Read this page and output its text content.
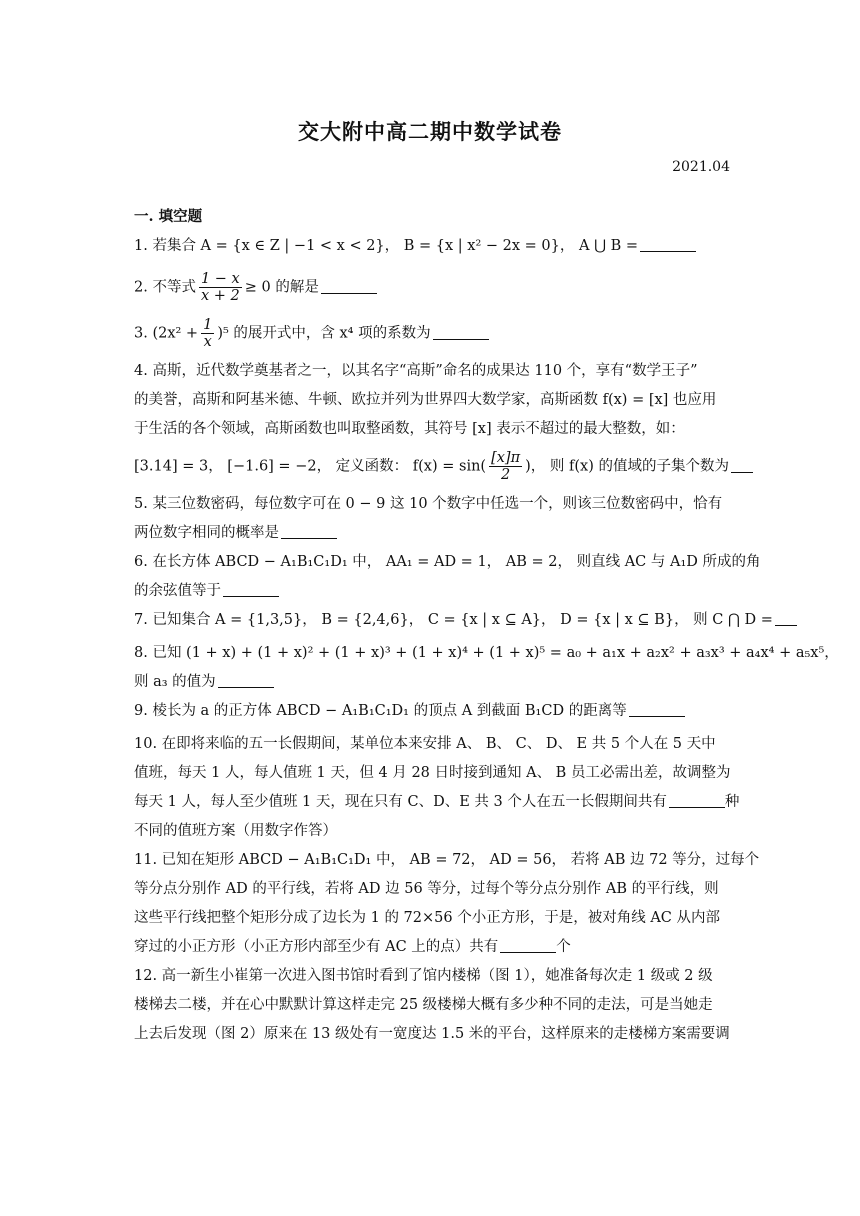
交大附中高二期中数学试卷
2021.04
一. 填空题
1. 若集合 A = {x ∈ Z | −1 < x < 2}， B = {x | x² − 2x = 0}， A ⋃ B =
2. 不等式 $\frac{1 - x}{x + 2} \ge 0$ 的解是
3. $(2x^2 + \frac{1}{x} )^5$ 的展开式中，含 x⁴ 项的系数为
4. 高斯，近代数学奠基者之一，以其名字“高斯”命名的成果达 110 个，享有“数学王子”
的美誉，高斯和阿基米德、牛顿、欧拉并列为世界四大数学家，高斯函数 f(x) = [x] 也应用
于生活的各个领域，高斯函数也叫取整函数，其符号 [x] 表示不超过的最大整数，如：
[3.14] = 3， [−1.6] = −2， 定义函数： $f(x) = \sin( \frac{[x]\pi}{2}$ )， 则 f(x) 的值域的子集个数为
5. 某三位数密码，每位数字可在 0 − 9 这 10 个数字中任选一个，则该三位数密码中，恰有
两位数字相同的概率是
6. 在长方体 ABCD − A₁B₁C₁D₁ 中， AA₁ = AD = 1， AB = 2， 则直线 AC 与 A₁D 所成的角
的余弦值等于
7. 已知集合 A = {1,3,5}， B = {2,4,6}， C = {x | x ⊆ A}， D = {x | x ⊆ B}， 则 C ⋂ D =
8. 已知 (1 + x) + (1 + x)² + (1 + x)³ + (1 + x)⁴ + (1 + x)⁵ = a₀ + a₁x + a₂x² + a₃x³ + a₄x⁴ + a₅x⁵，
则 a₃ 的值为
9. 棱长为 a 的正方体 ABCD − A₁B₁C₁D₁ 的顶点 A 到截面 B₁CD 的距离等
10. 在即将来临的五一长假期间，某单位本来安排 A、 B、 C、 D、 E 共 5 个人在 5 天中
值班，每天 1 人，每人值班 1 天，但 4 月 28 日时接到通知 A、 B 员工必需出差，故调整为
每天 1 人，每人至少值班 1 天，现在只有 C、D、E 共 3 个人在五一长假期间共有	种
不同的值班方案（用数字作答）
11. 已知在矩形 ABCD − A₁B₁C₁D₁ 中， AB = 72， AD = 56， 若将 AB 边 72 等分，过每个
等分点分别作 AD 的平行线，若将 AD 边 56 等分，过每个等分点分别作 AB 的平行线，则
这些平行线把整个矩形分成了边长为 1 的 72×56 个小正方形，于是，被对角线 AC 从内部
穿过的小正方形（小正方形内部至少有 AC 上的点）共有	个
12. 高一新生小崔第一次进入图书馆时看到了馆内楼梯（图 1），她准备每次走 1 级或 2 级
楼梯去二楼，并在心中默默计算这样走完 25 级楼梯大概有多少种不同的走法，可是当她走
上去后发现（图 2）原来在 13 级处有一宽度达 1.5 米的平台，这样原来的走楼梯方案需要调
